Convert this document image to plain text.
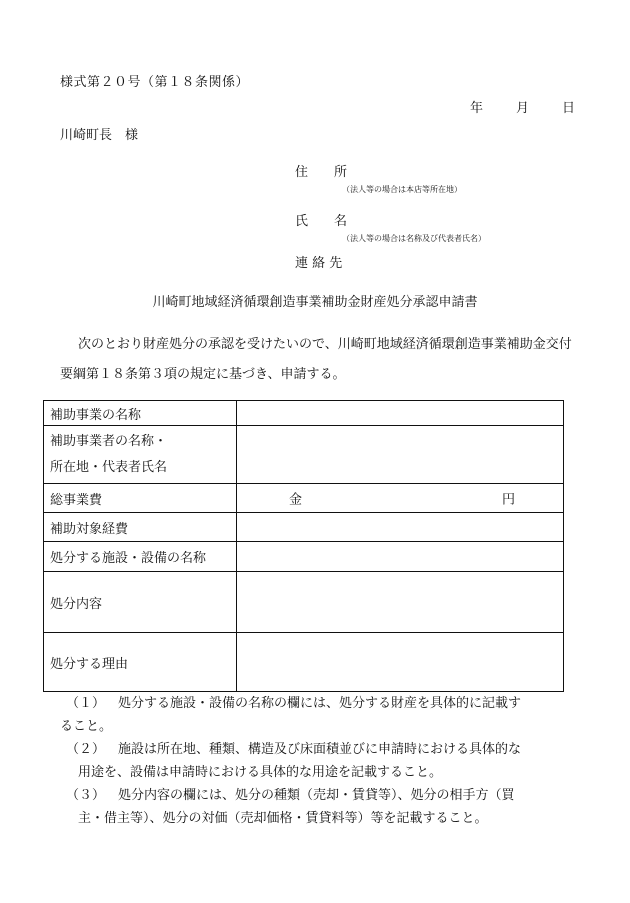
様式第２０号（第１８条関係）
年	月	日
川崎町長　様
住　　所
（法人等の場合は本店等所在地）
氏　　名
（法人等の場合は名称及び代表者氏名）
連 絡 先
川崎町地域経済循環創造事業補助金財産処分承認申請書
次のとおり財産処分の承認を受けたいので、川崎町地域経済循環創造事業補助金交付要綱第１８条第３項の規定に基づき、申請する。
補助事業の名称	

補助事業者の名称・
所在地・代表者氏名	

総事業費	金 円

補助対象経費	
処分する施設・設備の名称	
処分内容	
処分する理由	
（１） 処分する施設・設備の名称の欄には、処分する財産を具体的に記載す
ること。
（２） 施設は所在地、種類、構造及び床面積並びに申請時における具体的な
用途を、設備は申請時における具体的な用途を記載すること。
（３） 処分内容の欄には、処分の種類（売却・賃貸等）、処分の相手方（買
主・借主等）、処分の対価（売却価格・賃貸料等）等を記載すること。
